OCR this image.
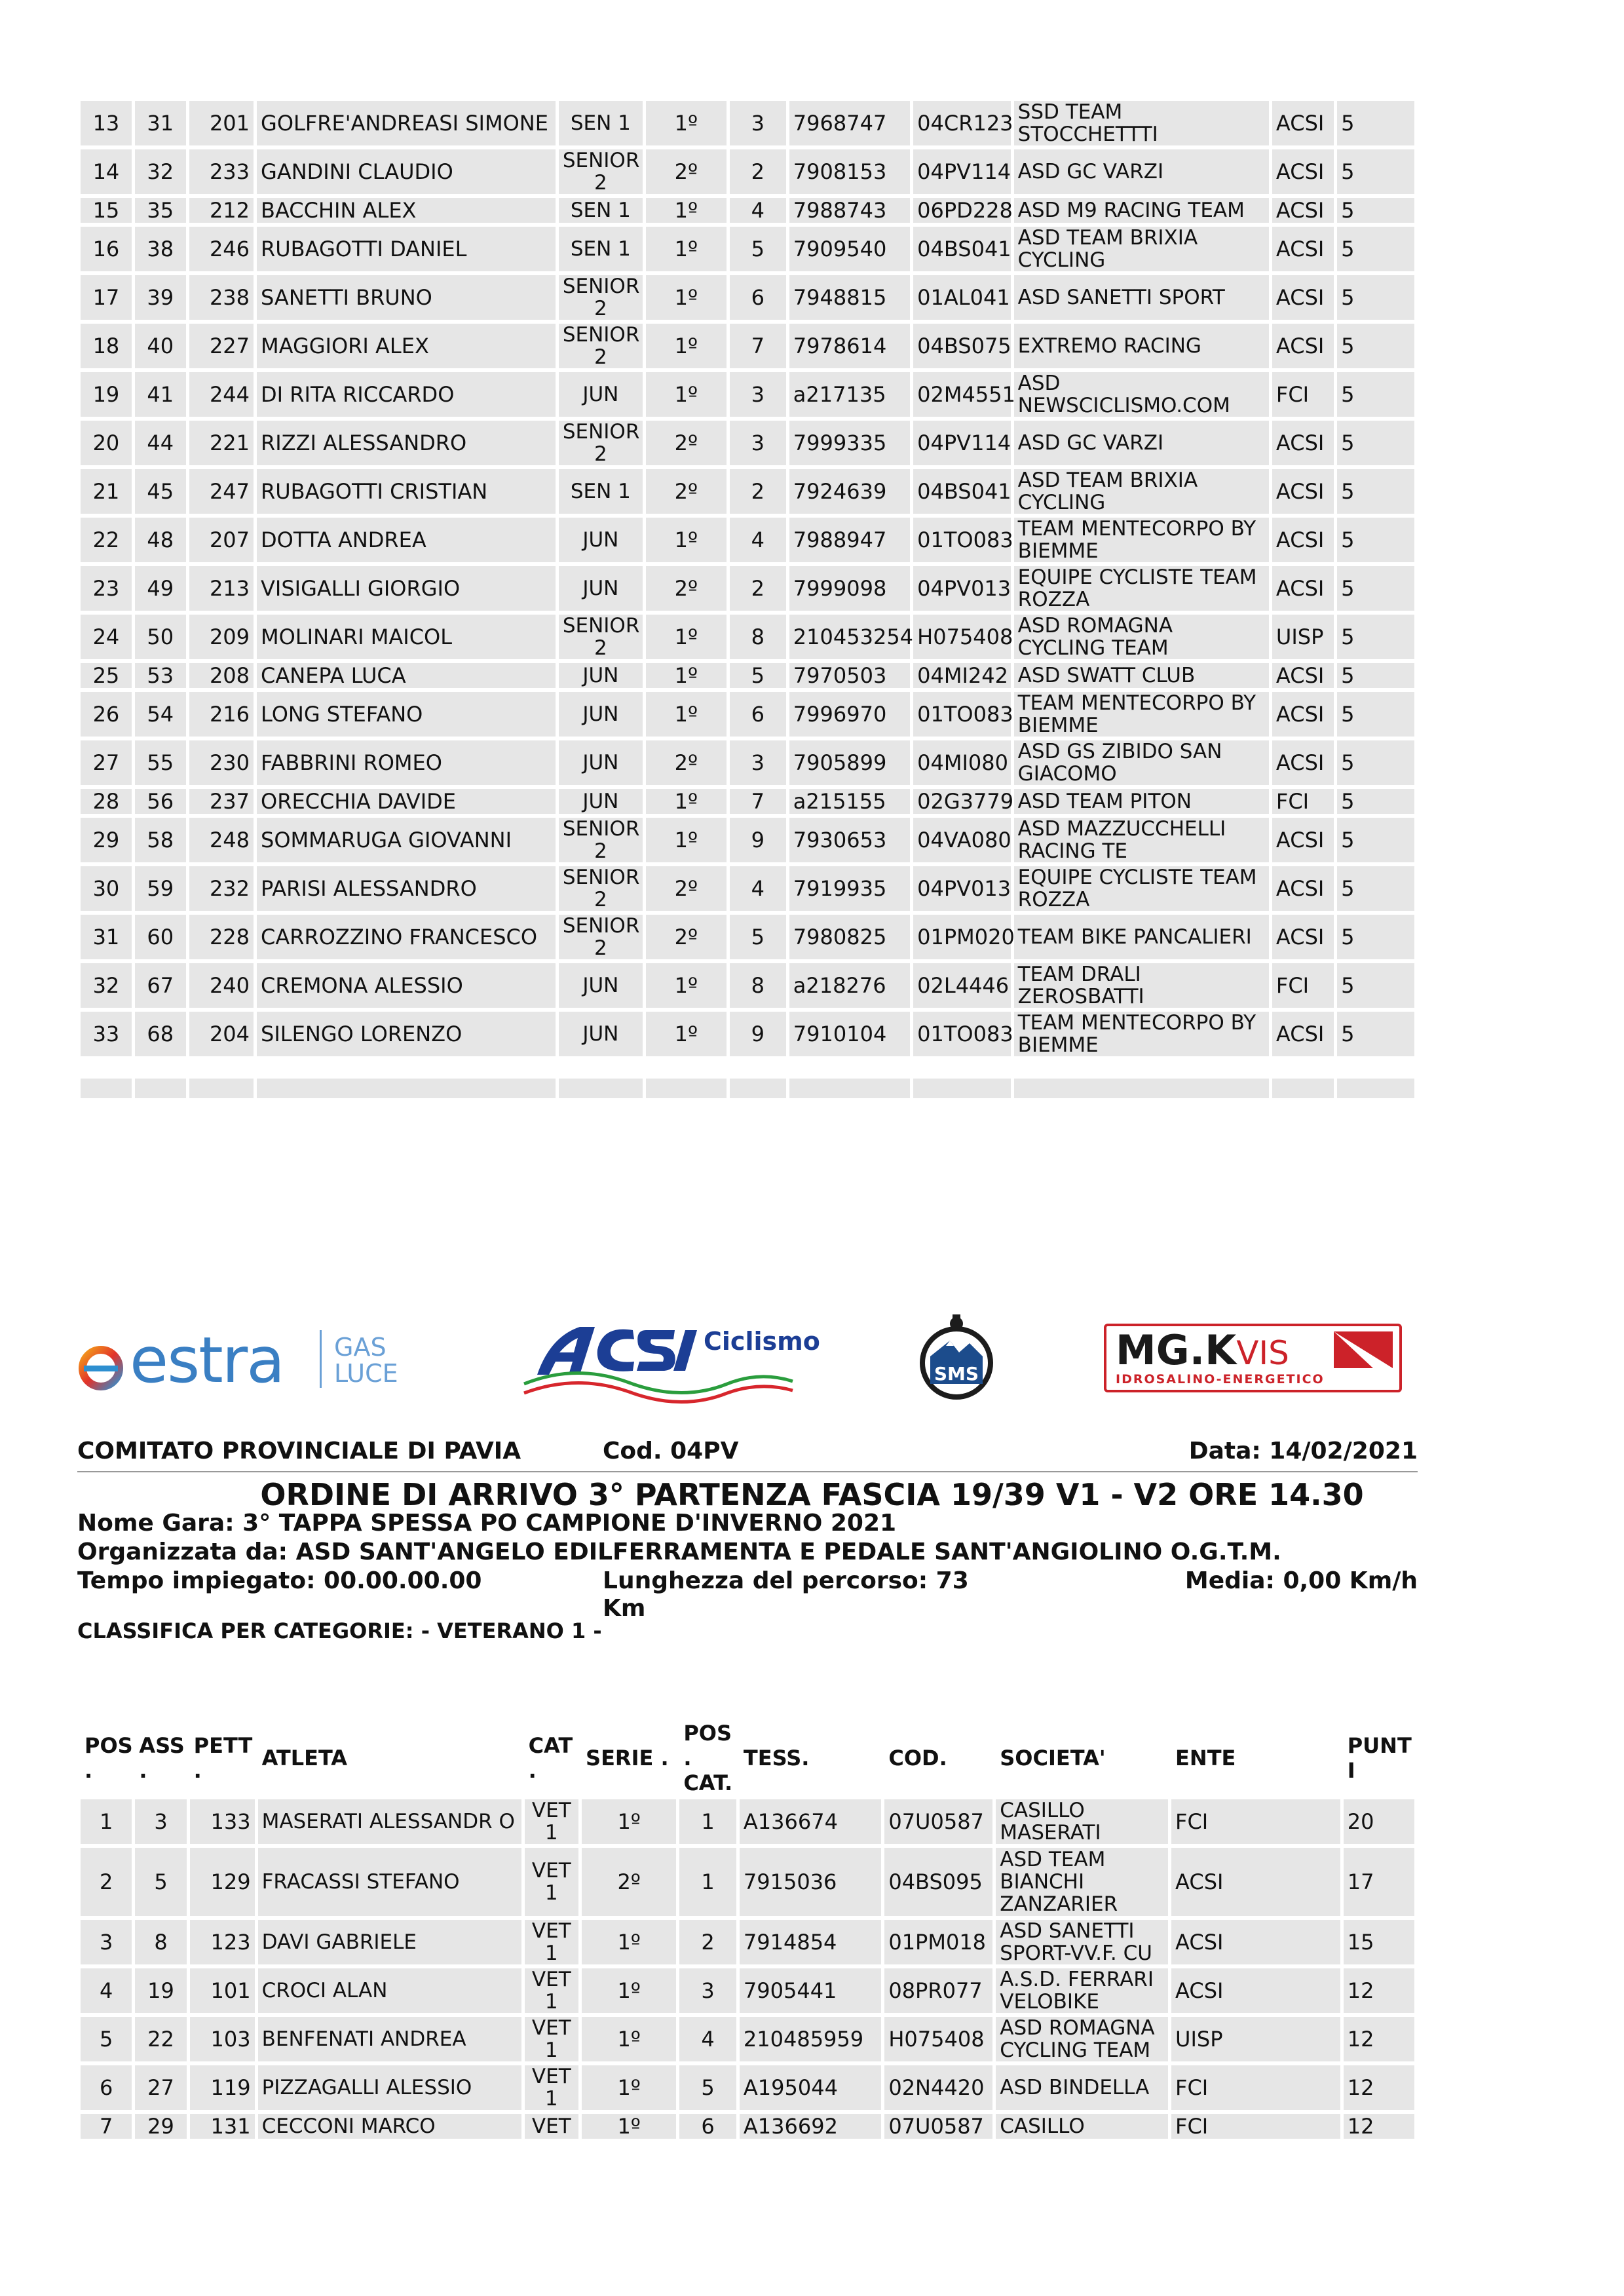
13	31	201	GOLFRE'ANDREASI SIMONE	SEN 1	1º	3	7968747	04CR123	SSD TEAM STOCCHETTTI	ACSI	5
14	32	233	GANDINI CLAUDIO	SENIOR 2	2º	2	7908153	04PV114	ASD GC VARZI	ACSI	5
15	35	212	BACCHIN ALEX	SEN 1	1º	4	7988743	06PD228	ASD M9 RACING TEAM	ACSI	5
16	38	246	RUBAGOTTI DANIEL	SEN 1	1º	5	7909540	04BS041	ASD TEAM BRIXIA CYCLING	ACSI	5
17	39	238	SANETTI BRUNO	SENIOR 2	1º	6	7948815	01AL041	ASD SANETTI SPORT	ACSI	5
18	40	227	MAGGIORI ALEX	SENIOR 2	1º	7	7978614	04BS075	EXTREMO RACING	ACSI	5
19	41	244	DI RITA RICCARDO	JUN	1º	3	a217135	02M4551	ASD NEWSCICLISMO.COM	FCI	5
20	44	221	RIZZI ALESSANDRO	SENIOR 2	2º	3	7999335	04PV114	ASD GC VARZI	ACSI	5
21	45	247	RUBAGOTTI CRISTIAN	SEN 1	2º	2	7924639	04BS041	ASD TEAM BRIXIA CYCLING	ACSI	5
22	48	207	DOTTA ANDREA	JUN	1º	4	7988947	01TO083	TEAM MENTECORPO BY BIEMME	ACSI	5
23	49	213	VISIGALLI GIORGIO	JUN	2º	2	7999098	04PV013	EQUIPE CYCLISTE TEAM ROZZA	ACSI	5
24	50	209	MOLINARI MAICOL	SENIOR 2	1º	8	210453254	H075408	ASD ROMAGNA CYCLING TEAM	UISP	5
25	53	208	CANEPA LUCA	JUN	1º	5	7970503	04MI242	ASD SWATT CLUB	ACSI	5
26	54	216	LONG STEFANO	JUN	1º	6	7996970	01TO083	TEAM MENTECORPO BY BIEMME	ACSI	5
27	55	230	FABBRINI ROMEO	JUN	2º	3	7905899	04MI080	ASD GS ZIBIDO SAN GIACOMO	ACSI	5
28	56	237	ORECCHIA DAVIDE	JUN	1º	7	a215155	02G3779	ASD TEAM PITON	FCI	5
29	58	248	SOMMARUGA GIOVANNI	SENIOR 2	1º	9	7930653	04VA080	ASD MAZZUCCHELLI RACING TE	ACSI	5
30	59	232	PARISI ALESSANDRO	SENIOR 2	2º	4	7919935	04PV013	EQUIPE CYCLISTE TEAM ROZZA	ACSI	5
31	60	228	CARROZZINO FRANCESCO	SENIOR 2	2º	5	7980825	01PM020	TEAM BIKE PANCALIERI	ACSI	5
32	67	240	CREMONA ALESSIO	JUN	1º	8	a218276	02L4446	TEAM DRALI ZEROSBATTI	FCI	5
33	68	204	SILENGO LORENZO	JUN	1º	9	7910104	01TO083	TEAM MENTECORPO BY BIEMME	ACSI	5

estra GAS
LUCE
Ciclismo
SMS	MG.KVIS
IDROSALINO-ENERGETICO
COMITATO PROVINCIALE DI PAVIA	Cod. 04PV	Data: 14/02/2021
ORDINE DI ARRIVO 3° PARTENZA FASCIA 19/39 V1 - V2 ORE 14.30
Nome Gara: 3° TAPPA SPESSA PO CAMPIONE D'INVERNO 2021
Organizzata da: ASD SANT'ANGELO EDILFERRAMENTA E PEDALE SANT'ANGIOLINO O.G.T.M.
Tempo impiegato: 00.00.00.00	Lunghezza del percorso: 73
Km
Media: 0,00 Km/h
CLASSIFICA PER CATEGORIE: - VETERANO 1 -
POS .	ASS .	PETT .	ATLETA	CAT .	SERIE .	POS . CAT.	TESS.	COD.	SOCIETA'	ENTE	PUNT I
1	3	133	MASERATI ALESSANDR O	VET 1	1º	1	A136674	07U0587	CASILLO MASERATI	FCI	20
2	5	129	FRACASSI STEFANO	VET 1	2º	1	7915036	04BS095	ASD TEAM BIANCHI ZANZARIER	ACSI	17
3	8	123	DAVI GABRIELE	VET 1	1º	2	7914854	01PM018	ASD SANETTI SPORT-VV.F. CU	ACSI	15
4	19	101	CROCI ALAN	VET 1	1º	3	7905441	08PR077	A.S.D. FERRARI VELOBIKE	ACSI	12
5	22	103	BENFENATI ANDREA	VET 1	1º	4	210485959	H075408	ASD ROMAGNA CYCLING TEAM	UISP	12
6	27	119	PIZZAGALLI ALESSIO	VET 1	1º	5	A195044	02N4420	ASD BINDELLA	FCI	12
7	29	131	CECCONI MARCO	VET	1º	6	A136692	07U0587	CASILLO	FCI	12
